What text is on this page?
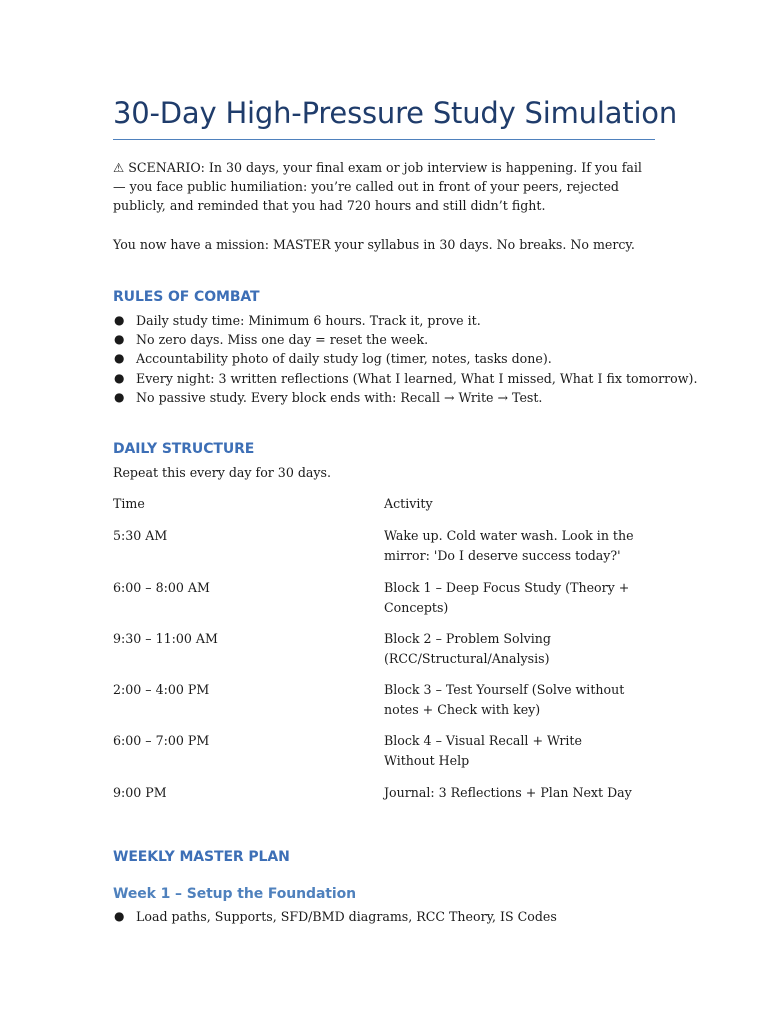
30-Day High-Pressure Study Simulation

⚠ SCENARIO: In 30 days, your final exam or job interview is happening. If you fail — you face public humiliation: you’re called out in front of your peers, rejected publicly, and reminded that you had 720 hours and still didn’t fight.

You now have a mission: MASTER your syllabus in 30 days. No breaks. No mercy.

RULES OF COMBAT
● Daily study time: Minimum 6 hours. Track it, prove it.
● No zero days. Miss one day = reset the week.
● Accountability photo of daily study log (timer, notes, tasks done).
● Every night: 3 written reflections (What I learned, What I missed, What I fix tomorrow).
● No passive study. Every block ends with: Recall → Write → Test.
DAILY STRUCTURE

Repeat this every day for 30 days.

Time	Activity
5:30 AM	Wake up. Cold water wash. Look in the mirror: 'Do I deserve success today?'
6:00 – 8:00 AM	Block 1 – Deep Focus Study (Theory + Concepts)
9:30 – 11:00 AM	Block 2 – Problem Solving (RCC/Structural/Analysis)
2:00 – 4:00 PM	Block 3 – Test Yourself (Solve without notes + Check with key)
6:00 – 7:00 PM	Block 4 – Visual Recall + Write Without Help
9:00 PM	Journal: 3 Reflections + Plan Next Day
WEEKLY MASTER PLAN
Week 1 – Setup the Foundation
● Load paths, Supports, SFD/BMD diagrams, RCC Theory, IS Codes
